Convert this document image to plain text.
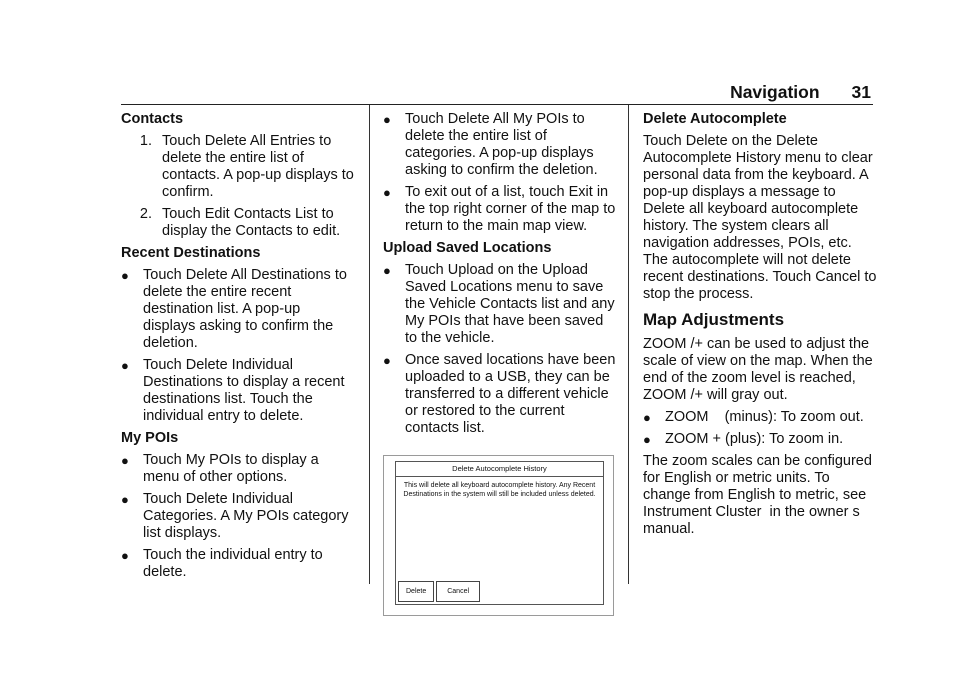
Navigation 31
Contacts
1. Touch Delete All Entries to delete the entire list of contacts. A pop-up displays to confirm.
2. Touch Edit Contacts List to display the Contacts to edit.
Recent Destinations
● Touch Delete All Destinations to delete the entire recent destination list. A pop-up displays asking to confirm the deletion.
● Touch Delete Individual Destinations to display a recent destinations list. Touch the individual entry to delete.
My POIs
● Touch My POIs to display a menu of other options.
● Touch Delete Individual Categories. A My POIs category list displays.
● Touch the individual entry to delete.
● Touch Delete All My POIs to delete the entire list of categories. A pop-up displays asking to confirm the deletion.
● To exit out of a list, touch Exit in the top right corner of the map to return to the main map view.
Upload Saved Locations
● Touch Upload on the Upload Saved Locations menu to save the Vehicle Contacts list and any My POIs that have been saved to the vehicle.
● Once saved locations have been uploaded to a USB, they can be transferred to a different vehicle or restored to the current contacts list.
Delete Autocomplete History
This will delete all keyboard autocomplete history. Any Recent Destinations in the system will still be included unless deleted.
Delete	Cancel
Delete Autocomplete
Touch Delete on the Delete Autocomplete History menu to clear personal data from the keyboard. A pop-up displays a message to Delete all keyboard autocomplete history. The system clears all navigation addresses, POIs, etc. The autocomplete will not delete recent destinations. Touch Cancel to stop the process.
Map Adjustments
ZOOM /+ can be used to adjust the scale of view on the map. When the end of the zoom level is reached, ZOOM /+ will gray out.
● ZOOM    (minus): To zoom out.
● ZOOM + (plus): To zoom in.
The zoom scales can be configured for English or metric units. To change from English to metric, see  Instrument Cluster  in the owner s manual.
